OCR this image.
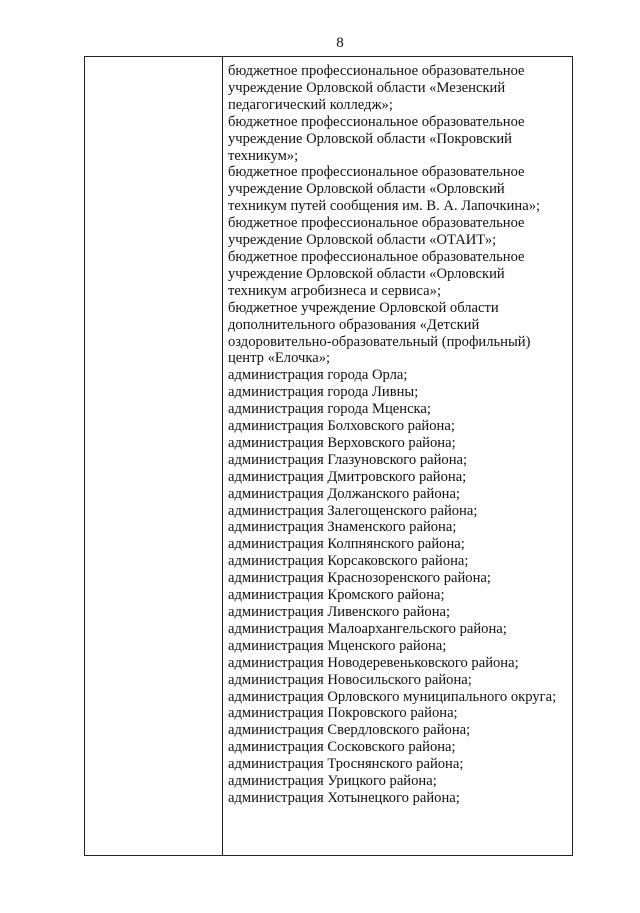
8
бюджетное профессиональное образовательное
учреждение Орловской области «Мезенский
педагогический колледж»;
бюджетное профессиональное образовательное
учреждение Орловской области «Покровский
техникум»;
бюджетное профессиональное образовательное
учреждение Орловской области «Орловский
техникум путей сообщения им. В. А. Лапочкина»;
бюджетное профессиональное образовательное
учреждение Орловской области «ОТАИТ»;
бюджетное профессиональное образовательное
учреждение Орловской области «Орловский
техникум агробизнеса и сервиса»;
бюджетное учреждение Орловской области
дополнительного образования «Детский
оздоровительно-образовательный (профильный)
центр «Елочка»;
администрация города Орла;
администрация города Ливны;
администрация города Мценска;
администрация Болховского района;
администрация Верховского района;
администрация Глазуновского района;
администрация Дмитровского района;
администрация Должанского района;
администрация Залегощенского района;
администрация Знаменского района;
администрация Колпнянского района;
администрация Корсаковского района;
администрация Краснозоренского района;
администрация Кромского района;
администрация Ливенского района;
администрация Малоархангельского района;
администрация Мценского района;
администрация Новодеревеньковского района;
администрация Новосильского района;
администрация Орловского муниципального округа;
администрация Покровского района;
администрация Свердловского района;
администрация Сосковского района;
администрация Троснянского района;
администрация Урицкого района;
администрация Хотынецкого района;
